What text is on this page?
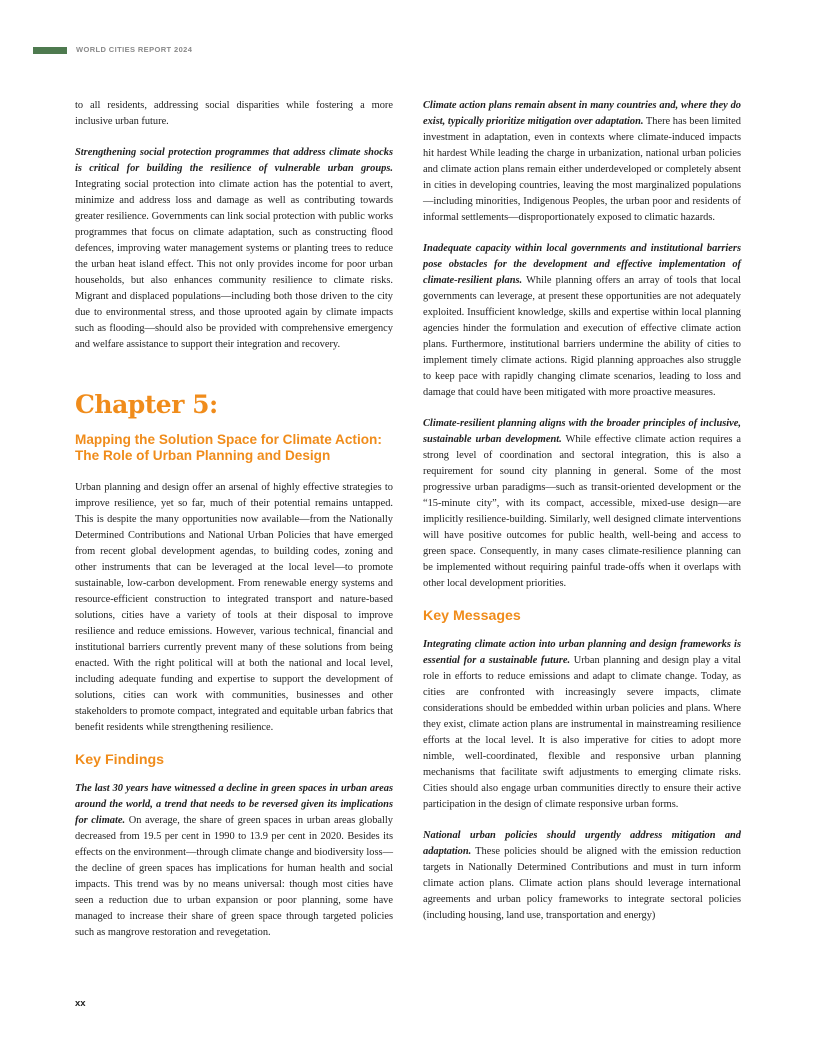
WORLD CITIES REPORT 2024

to all residents, addressing social disparities while fostering a more inclusive urban future.

Strengthening social protection programmes that address climate shocks is critical for building the resilience of vulnerable urban groups. Integrating social protection into climate action has the potential to avert, minimize and address loss and damage as well as contributing towards greater resilience. Governments can link social protection with public works programmes that focus on climate adaptation, such as constructing flood defences, improving water management systems or planting trees to reduce the urban heat island effect. This not only provides income for poor urban households, but also enhances community resilience to climate risks. Migrant and displaced populations—including both those driven to the city due to environmental stress, and those uprooted again by climate impacts such as flooding—should also be provided with comprehensive emergency and welfare assistance to support their integration and recovery.

Chapter 5:
Mapping the Solution Space for Climate Action: The Role of Urban Planning and Design

Urban planning and design offer an arsenal of highly effective strategies to improve resilience, yet so far, much of their potential remains untapped. This is despite the many opportunities now available—from the Nationally Determined Contributions and National Urban Policies that have emerged from recent global development agendas, to building codes, zoning and other instruments that can be leveraged at the local level—to promote sustainable, low-carbon development. From renewable energy systems and resource-efficient construction to integrated transport and nature-based solutions, cities have a variety of tools at their disposal to improve resilience and reduce emissions. However, various technical, financial and institutional barriers currently prevent many of these solutions from being enacted. With the right political will at both the national and local level, including adequate funding and expertise to support the development of solutions, cities can work with communities, businesses and other stakeholders to promote compact, integrated and equitable urban fabrics that benefit residents while strengthening resilience.

Key Findings

The last 30 years have witnessed a decline in green spaces in urban areas around the world, a trend that needs to be reversed given its implications for climate. On average, the share of green spaces in urban areas globally decreased from 19.5 per cent in 1990 to 13.9 per cent in 2020. Besides its effects on the environment—through climate change and biodiversity loss—the decline of green spaces has implications for human health and social impacts. This trend was by no means universal: though most cities have seen a reduction due to urban expansion or poor planning, some have managed to increase their share of green space through targeted policies such as mangrove restoration and revegetation.

Climate action plans remain absent in many countries and, where they do exist, typically prioritize mitigation over adaptation. There has been limited investment in adaptation, even in contexts where climate-induced impacts hit hardest While leading the charge in urbanization, national urban policies and climate action plans remain either underdeveloped or completely absent in cities in developing countries, leaving the most marginalized populations—including minorities, Indigenous Peoples, the urban poor and residents of informal settlements—disproportionately exposed to climatic hazards.

Inadequate capacity within local governments and institutional barriers pose obstacles for the development and effective implementation of climate-resilient plans. While planning offers an array of tools that local governments can leverage, at present these opportunities are not adequately exploited. Insufficient knowledge, skills and expertise within local planning agencies hinder the formulation and execution of effective climate action plans. Furthermore, institutional barriers undermine the ability of cities to implement timely climate actions. Rigid planning approaches also struggle to keep pace with rapidly changing climate scenarios, leading to loss and damage that could have been mitigated with more proactive measures.

Climate-resilient planning aligns with the broader principles of inclusive, sustainable urban development. While effective climate action requires a strong level of coordination and sectoral integration, this is also a requirement for sound city planning in general. Some of the most progressive urban paradigms—such as transit-oriented development or the “15-minute city”, with its compact, accessible, mixed-use design—are implicitly resilience-building. Similarly, well designed climate interventions will have positive outcomes for public health, well-being and access to green space. Consequently, in many cases climate-resilience planning can be implemented without requiring painful trade-offs when it overlaps with other local development priorities.

Key Messages

Integrating climate action into urban planning and design frameworks is essential for a sustainable future. Urban planning and design play a vital role in efforts to reduce emissions and adapt to climate change. Today, as cities are confronted with increasingly severe impacts, climate considerations should be embedded within urban policies and plans. Where they exist, climate action plans are instrumental in mainstreaming resilience efforts at the local level. It is also imperative for cities to adopt more nimble, well-coordinated, flexible and responsive urban planning mechanisms that facilitate swift adjustments to emerging climate risks. Cities should also engage urban communities directly to ensure their active participation in the design of climate responsive urban forms.

National urban policies should urgently address mitigation and adaptation. These policies should be aligned with the emission reduction targets in Nationally Determined Contributions and must in turn inform climate action plans. Climate action plans should leverage international agreements and urban policy frameworks to integrate sectoral policies (including housing, land use, transportation and energy)

xx
